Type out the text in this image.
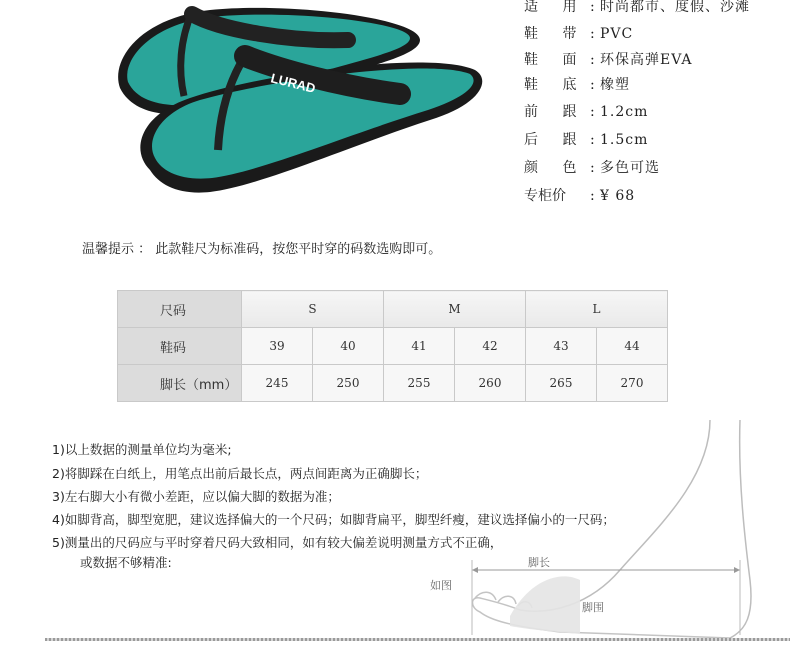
LURAD
适 用 : 时尚都市、度假、沙滩
鞋 带 : PVC
鞋 面 : 环保高弹EVA
鞋 底 : 橡塑
前 跟 : 1.2cm
后 跟 : 1.5cm
颜 色 : 多色可选
专柜价 : ¥ 68
温馨提示 ： 此款鞋尺为标准码，按您平时穿的码数选购即可。
尺码	S		M		L	
鞋码	39	40	41	42	43	44
脚长（mm）	245	250	255	260	265	270
如图
脚长
脚围
1)以上数据的测量单位均为毫米;
2)将脚踩在白纸上，用笔点出前后最长点，两点间距离为正确脚长；
3)左右脚大小有微小差距，应以偏大脚的数据为准；
4)如脚背高，脚型宽肥，建议选择偏大的一个尺码；如脚背扁平，脚型纤瘦，建议选择偏小的一尺码；
5)测量出的尺码应与平时穿着尺码大致相同，如有较大偏差说明测量方式不正确，
或数据不够精准:
